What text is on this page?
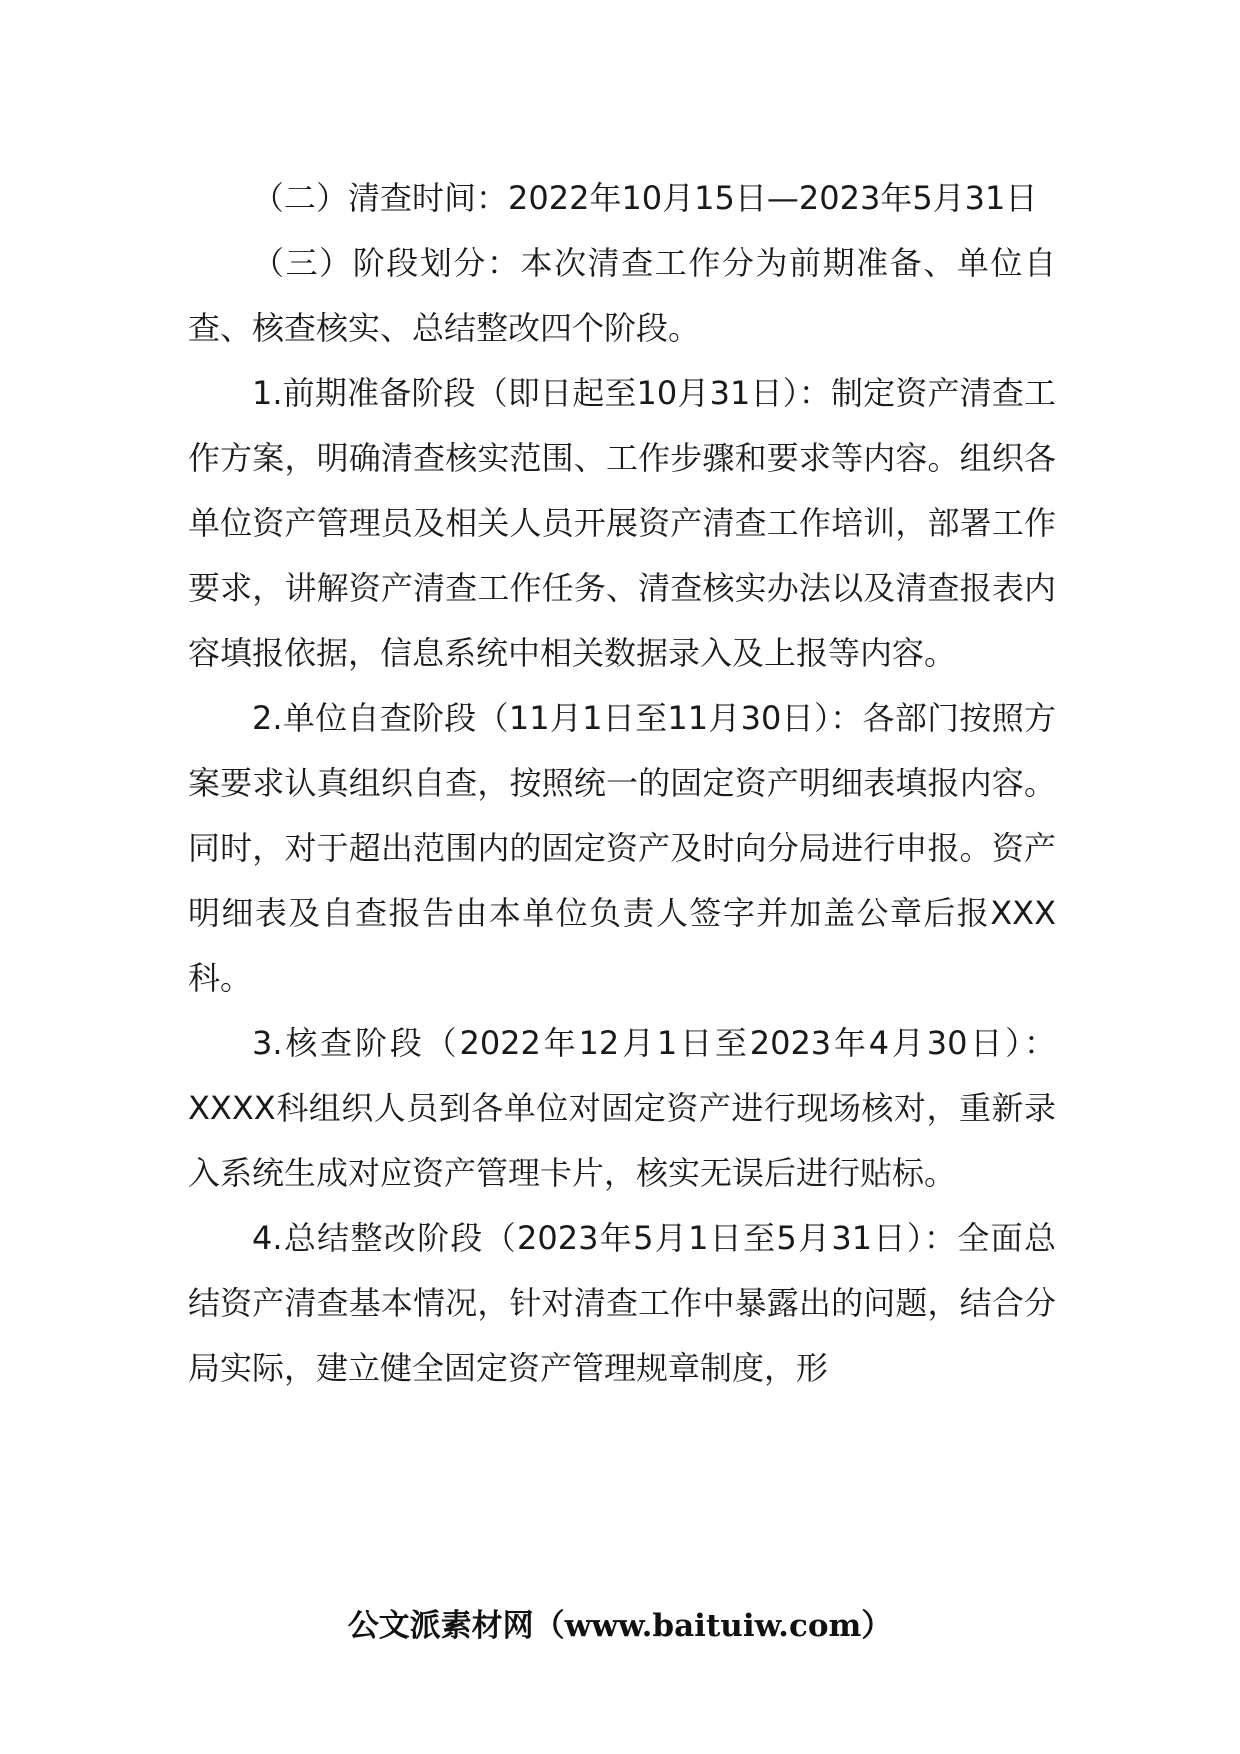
（二）清查时间：2022年10月15日—2023年5月31日

（三）阶段划分：本次清查工作分为前期准备、单位自查、核查核实、总结整改四个阶段。

1.前期准备阶段（即日起至10月31日）：制定资产清查工作方案，明确清查核实范围、工作步骤和要求等内容。组织各单位资产管理员及相关人员开展资产清查工作培训，部署工作要求，讲解资产清查工作任务、清查核实办法以及清查报表内容填报依据，信息系统中相关数据录入及上报等内容。

2.单位自查阶段（11月1日至11月30日）：各部门按照方案要求认真组织自查，按照统一的固定资产明细表填报内容。同时，对于超出范围内的固定资产及时向分局进行申报。资产明细表及自查报告由本单位负责人签字并加盖公章后报XXX科。

3.核查阶段（2022年12月1日至2023年4月30日）：XXXX科组织人员到各单位对固定资产进行现场核对，重新录入系统生成对应资产管理卡片，核实无误后进行贴标。

4.总结整改阶段（2023年5月1日至5月31日）：全面总结资产清查基本情况，针对清查工作中暴露出的问题，结合分局实际，建立健全固定资产管理规章制度，形

公文派素材网（www.baituiw.com）
